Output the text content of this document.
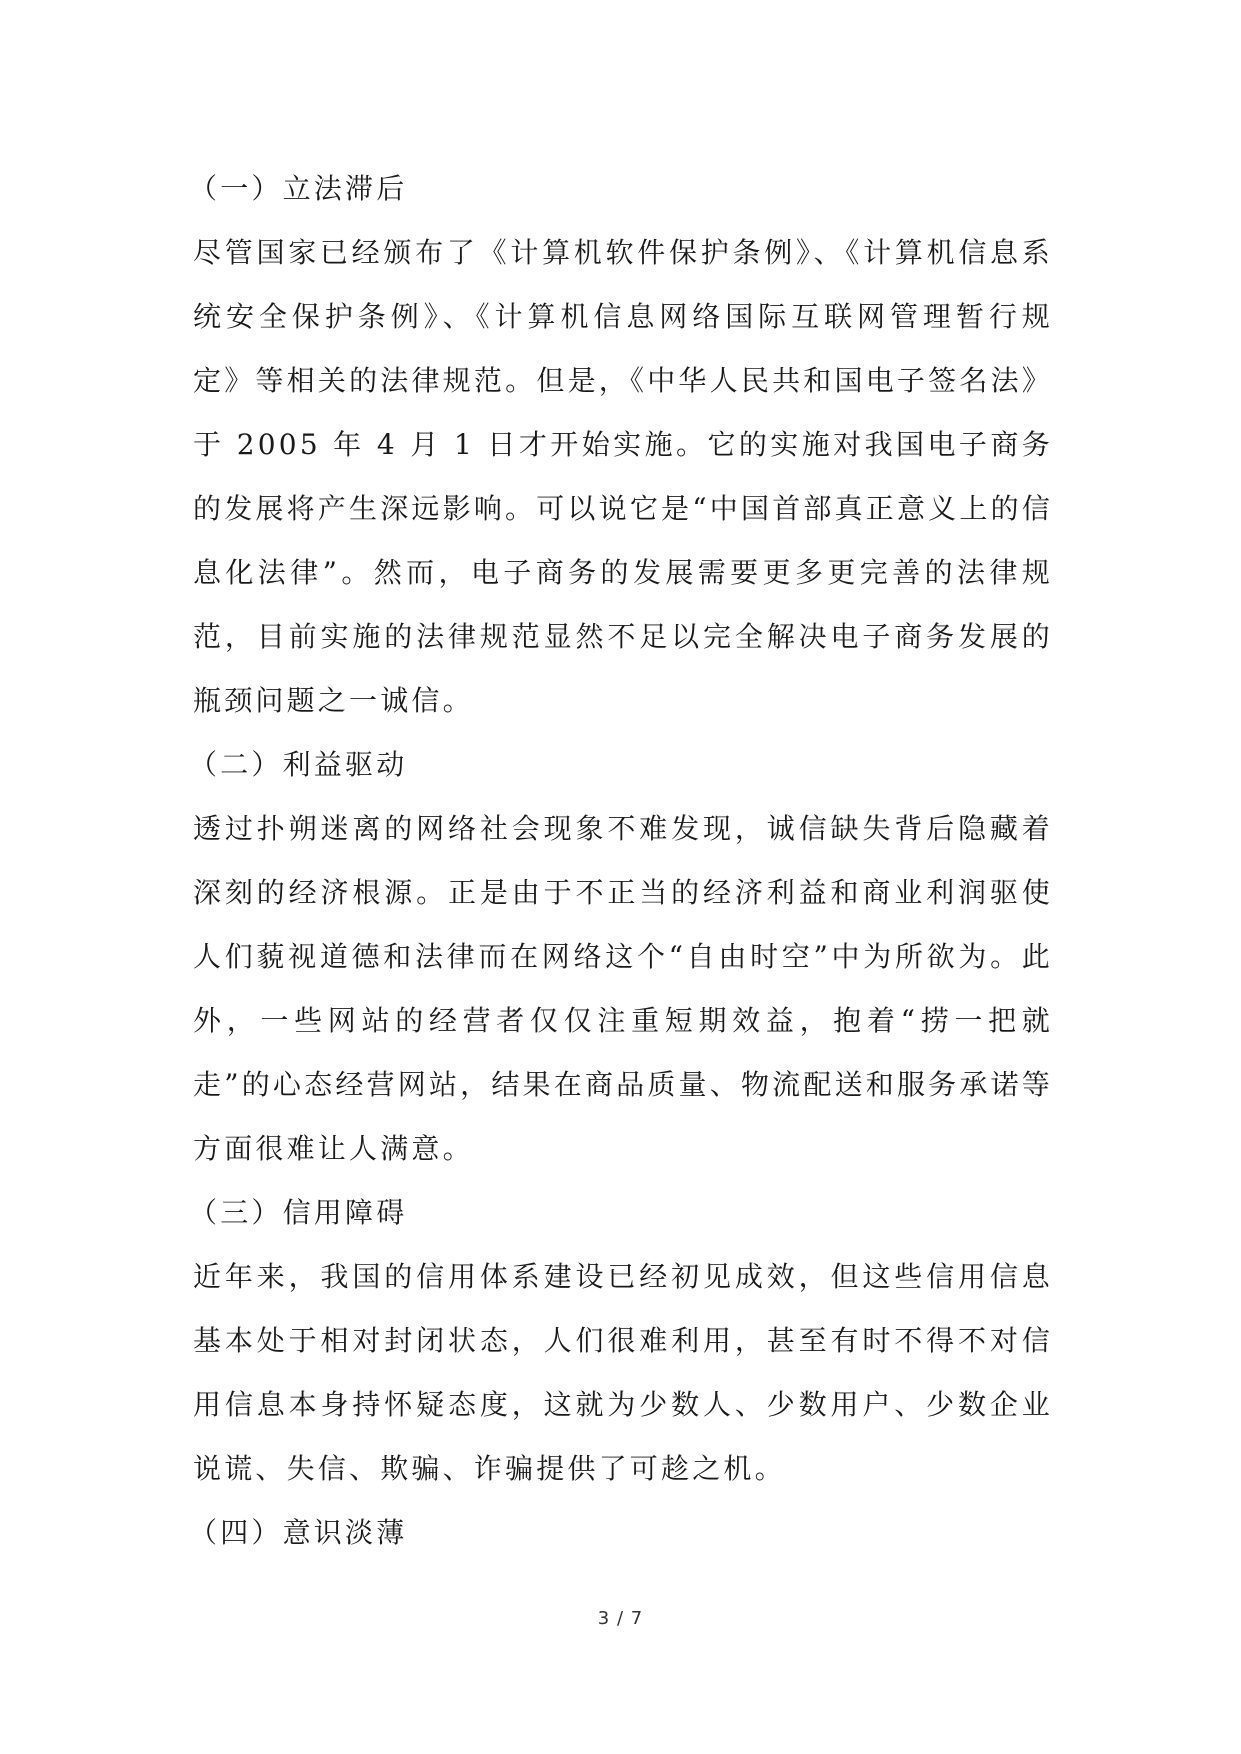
（一）立法滞后

尽管国家已经颁布了《计算机软件保护条例》、《计算机信息系统安全保护条例》、《计算机信息网络国际互联网管理暂行规定》等相关的法律规范。但是，《中华人民共和国电子签名法》于 2005 年 4 月 1 日才开始实施。它的实施对我国电子商务的发展将产生深远影响。可以说它是“中国首部真正意义上的信息化法律”。然而，电子商务的发展需要更多更完善的法律规范，目前实施的法律规范显然不足以完全解决电子商务发展的瓶颈问题之一诚信。

（二）利益驱动

透过扑朔迷离的网络社会现象不难发现，诚信缺失背后隐藏着深刻的经济根源。正是由于不正当的经济利益和商业利润驱使人们藐视道德和法律而在网络这个“自由时空”中为所欲为。此外，一些网站的经营者仅仅注重短期效益，抱着“捞一把就走”的心态经营网站，结果在商品质量、物流配送和服务承诺等方面很难让人满意。

（三）信用障碍

近年来，我国的信用体系建设已经初见成效，但这些信用信息基本处于相对封闭状态，人们很难利用，甚至有时不得不对信用信息本身持怀疑态度，这就为少数人、少数用户、少数企业说谎、失信、欺骗、诈骗提供了可趁之机。

（四）意识淡薄

3 / 7
